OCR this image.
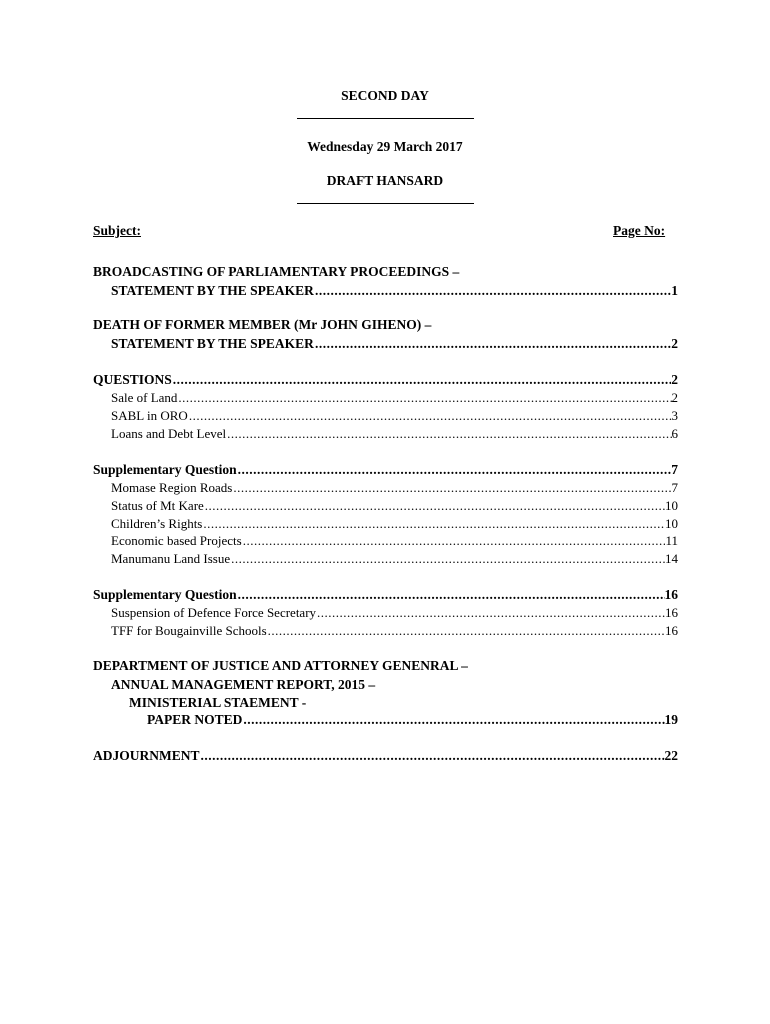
SECOND DAY
Wednesday 29 March 2017
DRAFT HANSARD
Subject:	Page No:
BROADCASTING OF PARLIAMENTARY PROCEEDINGS –
STATEMENT BY THE SPEAKER .....	1
DEATH OF FORMER MEMBER (Mr JOHN GIHENO) –
STATEMENT BY THE SPEAKER .....	2
QUESTIONS .....	2
Sale of Land .....	2
SABL in ORO .....	3
Loans and Debt Level .....	6
Supplementary Question .....	7
Momase Region Roads .....	7
Status of Mt Kare .....	10
Children’s Rights .....	10
Economic based Projects .....	11
Manumanu Land Issue .....	14
Supplementary Question .....	16
Suspension of Defence Force Secretary .....	16
TFF for Bougainville Schools .....	16
DEPARTMENT OF JUSTICE AND ATTORNEY GENENRAL –
ANNUAL MANAGEMENT REPORT, 2015 –
MINISTERIAL STAEMENT -
PAPER NOTED .....	19
ADJOURNMENT .....	22
